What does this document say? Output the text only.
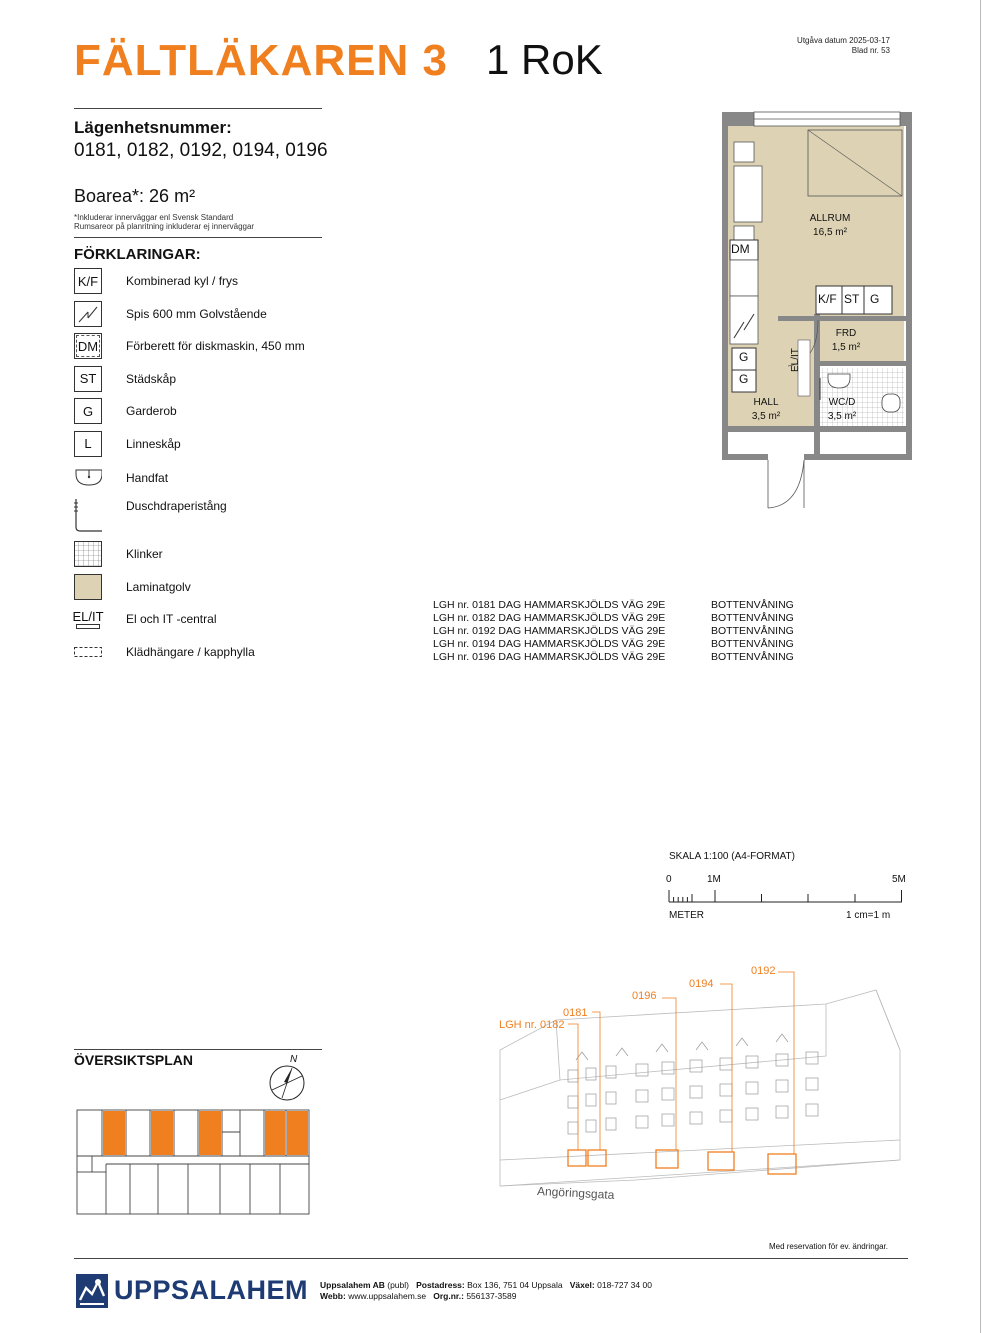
FÄLTLÄKAREN 3 1 RoK	Utgåva datum 2025-03-17
Blad nr. 53
Lägenhetsnummer:
0181, 0182, 0192, 0194, 0196
Boarea*: 26 m²
*Inkluderar innerväggar enl Svensk Standard
Rumsareor på planritning inkluderar ej innerväggar
FÖRKLARINGAR:
K/F	Kombinerad kyl / frys
Spis 600 mm Golvstående
DM	Förberett för diskmaskin, 450 mm
ST	Städskåp
G	Garderob
L	Linneskåp
Handfat
Duschdraperistång
Klinker
Laminatgolv
EL/IT El och IT -central
Klädhängare / kapphylla
ALLRUM
16,5 m²
FRD
1,5 m²
HALL
3,5 m²
WC/D
3,5 m²
DM
K/F ST G
G
G
EL/IT
LGH nr. 0181 DAG HAMMARSKJÖLDS VÄG 29E	BOTTENVÅNING
LGH nr. 0182 DAG HAMMARSKJÖLDS VÄG 29E	BOTTENVÅNING
LGH nr. 0192 DAG HAMMARSKJÖLDS VÄG 29E	BOTTENVÅNING
LGH nr. 0194 DAG HAMMARSKJÖLDS VÄG 29E	BOTTENVÅNING
LGH nr. 0196 DAG HAMMARSKJÖLDS VÄG 29E	BOTTENVÅNING
SKALA 1:100 (A4-FORMAT)
0	1M	5M
METER	1 cm=1 m
LGH nr. 0182
0181
0196
0194
0192
Angöringsgata
ÖVERSIKTSPLAN	N
Med reservation för ev. ändringar.
UPPSALAHEM Uppsalahem AB (publ) Postadress: Box 136, 751 04 Uppsala Växel: 018-727 34 00
Webb: www.uppsalahem.se Org.nr.: 556137-3589
